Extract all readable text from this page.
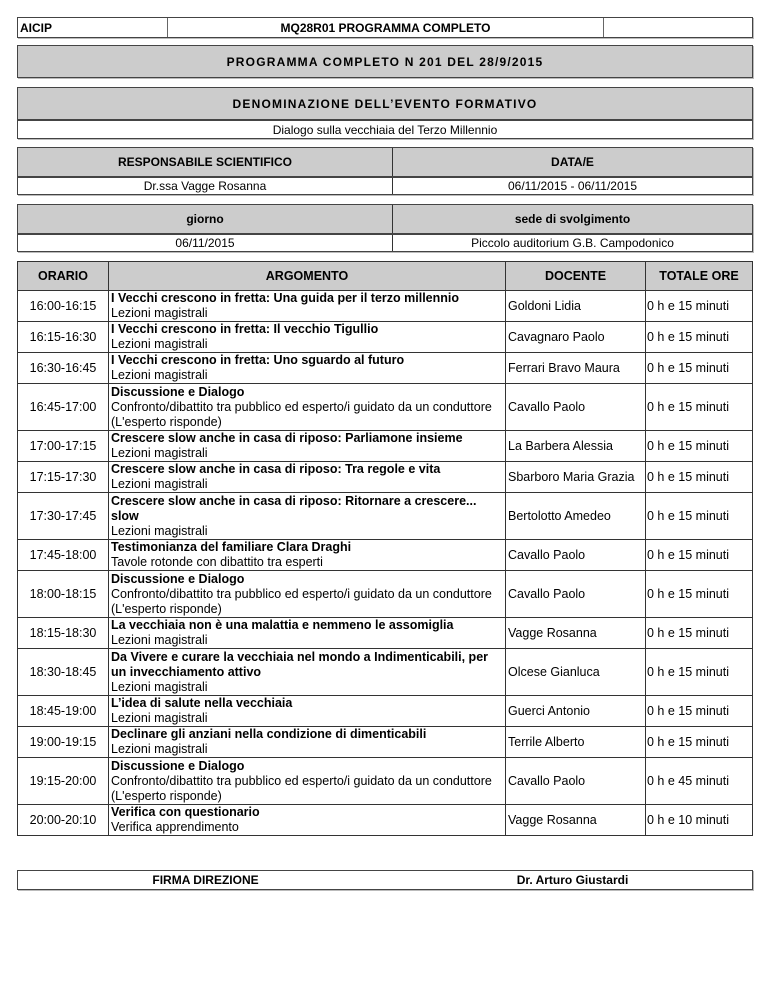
AICIP	MQ28R01 PROGRAMMA COMPLETO
PROGRAMMA COMPLETO N 201 DEL 28/9/2015
DENOMINAZIONE DELL’EVENTO FORMATIVO
Dialogo sulla vecchiaia del Terzo Millennio
RESPONSABILE SCIENTIFICO	DATA/E
Dr.ssa Vagge Rosanna	06/11/2015 - 06/11/2015
giorno	sede di svolgimento
06/11/2015	Piccolo auditorium G.B. Campodonico
ORARIO	ARGOMENTO	DOCENTE	TOTALE ORE
16:00-16:15	I Vecchi crescono in fretta: Una guida per il terzo millennio
Lezioni magistrali	Goldoni Lidia	0 h e 15 minuti
16:15-16:30	I Vecchi crescono in fretta: Il vecchio Tigullio
Lezioni magistrali	Cavagnaro Paolo	0 h e 15 minuti
16:30-16:45	I Vecchi crescono in fretta: Uno sguardo al futuro
Lezioni magistrali	Ferrari Bravo Maura	0 h e 15 minuti
16:45-17:00	Discussione e Dialogo
Confronto/dibattito tra pubblico ed esperto/i guidato da un conduttore (L'esperto risponde)	Cavallo Paolo	0 h e 15 minuti
17:00-17:15	Crescere slow anche in casa di riposo: Parliamone insieme
Lezioni magistrali	La Barbera Alessia	0 h e 15 minuti
17:15-17:30	Crescere slow anche in casa di riposo: Tra regole e vita
Lezioni magistrali	Sbarboro Maria Grazia	0 h e 15 minuti
17:30-17:45	Crescere slow anche in casa di riposo: Ritornare a crescere... slow
Lezioni magistrali	Bertolotto Amedeo	0 h e 15 minuti
17:45-18:00	Testimonianza del familiare Clara Draghi
Tavole rotonde con dibattito tra esperti	Cavallo Paolo	0 h e 15 minuti
18:00-18:15	Discussione e Dialogo
Confronto/dibattito tra pubblico ed esperto/i guidato da un conduttore (L'esperto risponde)	Cavallo Paolo	0 h e 15 minuti
18:15-18:30	La vecchiaia non è una malattia e nemmeno le assomiglia
Lezioni magistrali	Vagge Rosanna	0 h e 15 minuti
18:30-18:45	Da Vivere e curare la vecchiaia nel mondo a Indimenticabili, per un invecchiamento attivo
Lezioni magistrali	Olcese Gianluca	0 h e 15 minuti
18:45-19:00	L’idea di salute nella vecchiaia
Lezioni magistrali	Guerci Antonio	0 h e 15 minuti
19:00-19:15	Declinare gli anziani nella condizione di dimenticabili
Lezioni magistrali	Terrile Alberto	0 h e 15 minuti
19:15-20:00	Discussione e Dialogo
Confronto/dibattito tra pubblico ed esperto/i guidato da un conduttore (L'esperto risponde)	Cavallo Paolo	0 h e 45 minuti
20:00-20:10	Verifica con questionario
Verifica apprendimento	Vagge Rosanna	0 h e 10 minuti
FIRMA DIREZIONE	Dr. Arturo Giustardi
